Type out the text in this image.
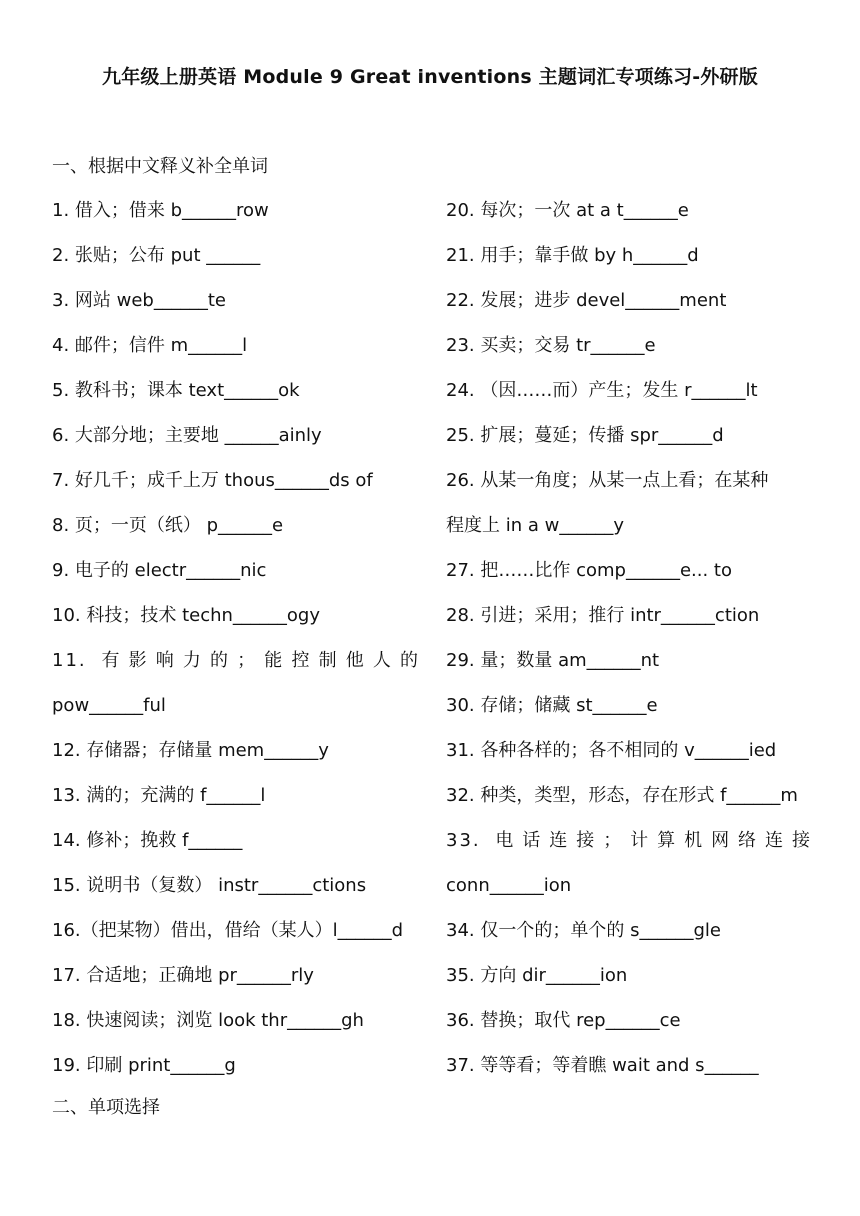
九年级上册英语 Module 9 Great inventions 主题词汇专项练习-外研版
一、根据中文释义补全单词
1. 借入；借来 b______row
2. 张贴；公布 put ______
3. 网站 web______te
4. 邮件；信件 m______l
5. 教科书；课本 text______ok
6. 大部分地；主要地 ______ainly
7. 好几千；成千上万 thous______ds of
8. 页；一页（纸） p______e
9. 电子的 electr______nic
10. 科技；技术 techn______ogy
11. 有影响力的；能控制他人的
pow______ful
12. 存储器；存储量 mem______y
13. 满的；充满的 f______l
14. 修补；挽救 f______
15. 说明书（复数） instr______ctions
16.（把某物）借出，借给（某人）l______d
17. 合适地；正确地 pr______rly
18. 快速阅读；浏览 look thr______gh
19. 印刷 print______g
20. 每次；一次 at a t______e
21. 用手；靠手做 by h______d
22. 发展；进步 devel______ment
23. 买卖；交易 tr______e
24. （因……而）产生；发生 r______lt
25. 扩展；蔓延；传播 spr______d
26. 从某一角度；从某一点上看；在某种
程度上 in a w______y
27. 把……比作 comp______e... to
28. 引进；采用；推行 intr______ction
29. 量；数量 am______nt
30. 存储；储藏 st______e
31. 各种各样的；各不相同的 v______ied
32. 种类，类型，形态，存在形式 f______m
33. 电话连接；计算机网络连接
conn______ion
34. 仅一个的；单个的 s______gle
35. 方向 dir______ion
36. 替换；取代 rep______ce
37. 等等看；等着瞧 wait and s______
二、单项选择
